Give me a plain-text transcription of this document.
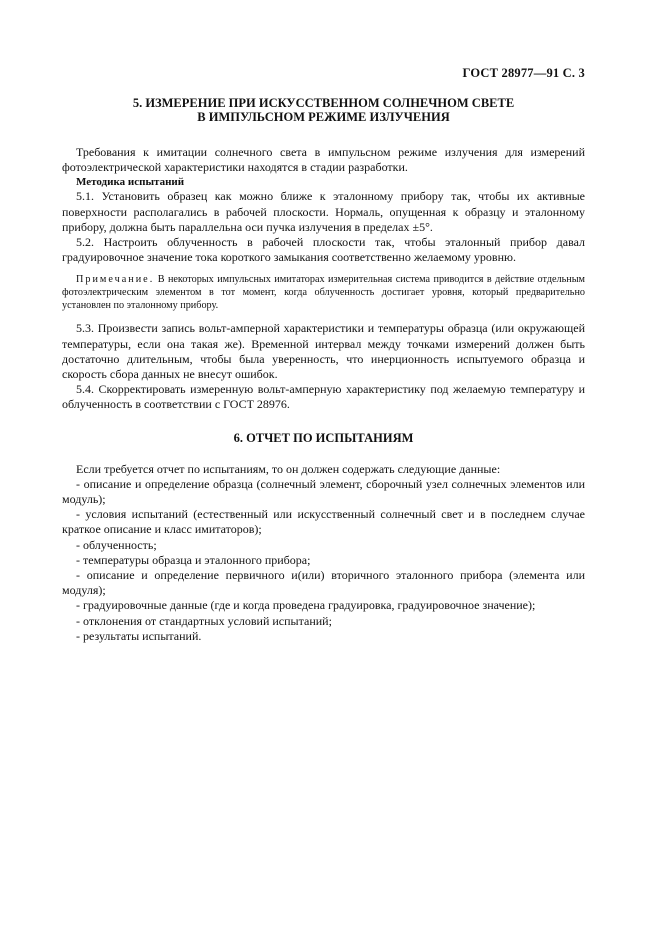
ГОСТ 28977—91 С. 3
5. ИЗМЕРЕНИЕ ПРИ ИСКУССТВЕННОМ СОЛНЕЧНОМ СВЕТЕ
В ИМПУЛЬСНОМ РЕЖИМЕ ИЗЛУЧЕНИЯ

Требования к имитации солнечного света в импульсном режиме излучения для измерений фотоэлектрической характеристики находятся в стадии разработки.

Методика испытаний

5.1. Установить образец как можно ближе к эталонному прибору так, чтобы их активные поверхности располагались в рабочей плоскости. Нормаль, опущенная к образцу и эталонному прибору, должна быть параллельна оси пучка излучения в пределах ±5°.

5.2. Настроить облученность в рабочей плоскости так, чтобы эталонный прибор давал градуировочное значение тока короткого замыкания соответственно желаемому уровню.

Примечание. В некоторых импульсных имитаторах измерительная система приводится в действие отдельным фотоэлектрическим элементом в тот момент, когда облученность достигает уровня, который предварительно установлен по эталонному прибору.

5.3. Произвести запись вольт-амперной характеристики и температуры образца (или окружающей температуры, если она такая же). Временной интервал между точками измерений должен быть достаточно длительным, чтобы была уверенность, что инерционность испытуемого образца и скорость сбора данных не внесут ошибок.

5.4. Скорректировать измеренную вольт-амперную характеристику под желаемую температуру и облученность в соответствии с ГОСТ 28976.

6. ОТЧЕТ ПО ИСПЫТАНИЯМ

Если требуется отчет по испытаниям, то он должен содержать следующие данные:

- описание и определение образца (солнечный элемент, сборочный узел солнечных элементов или модуль);
- условия испытаний (естественный или искусственный солнечный свет и в последнем случае краткое описание и класс имитаторов);
- облученность;
- температуры образца и эталонного прибора;
- описание и определение первичного и(или) вторичного эталонного прибора (элемента или модуля);
- градуировочные данные (где и когда проведена градуировка, градуировочное значение);
- отклонения от стандартных условий испытаний;
- результаты испытаний.
